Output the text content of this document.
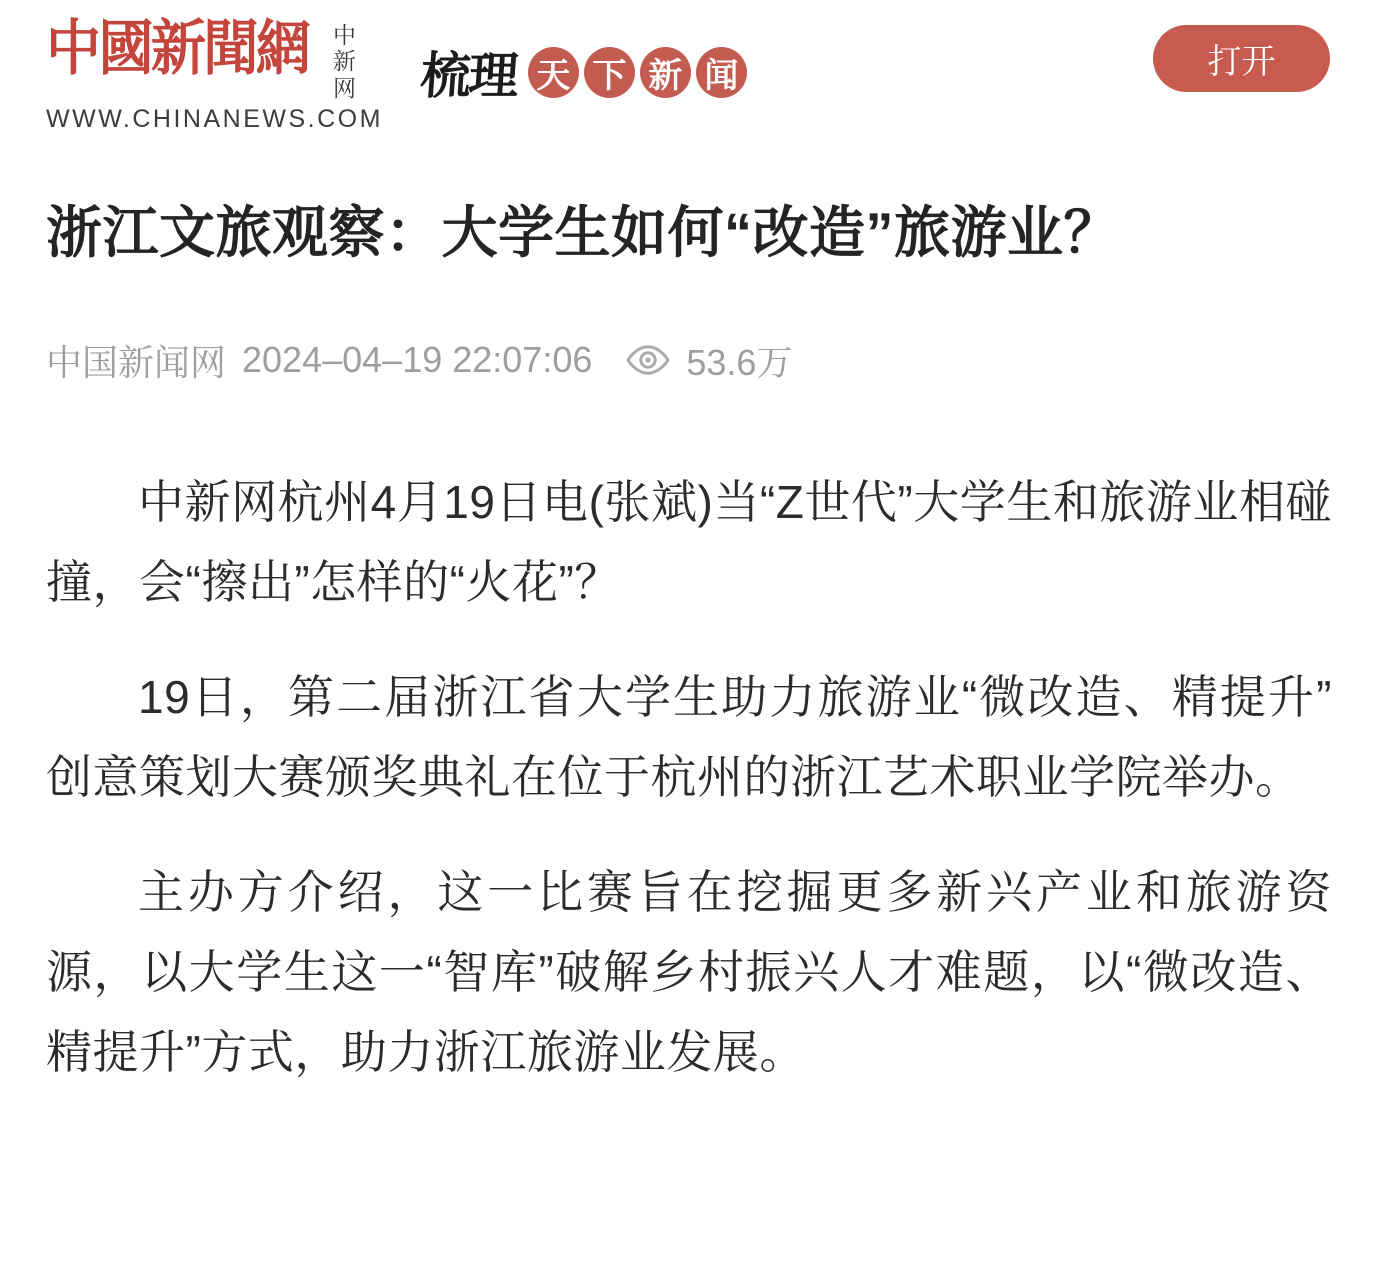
中國新聞網 中
新
网
WWW.CHINANEWS.COM
梳理 天 下 新 闻	打开
浙江文旅观察：大学生如何“改造”旅游业？
中国新闻网 2024–04–19 22:07:06	53.6万

中新网杭州4月19日电(张斌)当“Z世代”大学生和旅游业相碰撞，会“擦出”怎样的“火花”？

19日，第二届浙江省大学生助力旅游业“微改造、精提升”创意策划大赛颁奖典礼在位于杭州的浙江艺术职业学院举办。

主办方介绍，这一比赛旨在挖掘更多新兴产业和旅游资源，以大学生这一“智库”破解乡村振兴人才难题，以“微改造、精提升”方式，助力浙江旅游业发展。
